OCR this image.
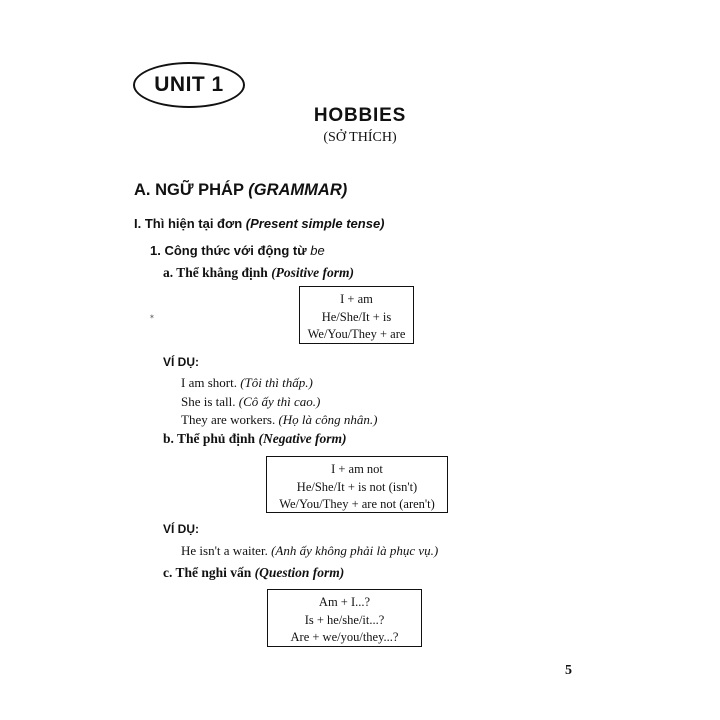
UNIT 1
HOBBIES
(SỞ THÍCH)
A. NGỮ PHÁP (GRAMMAR)
I. Thì hiện tại đơn (Present simple tense)
1. Công thức với động từ be
a. Thể khẳng định (Positive form)
✶
I + am
He/She/It + is
We/You/They + are
VÍ DỤ:
I am short. (Tôi thì thấp.)
She is tall. (Cô ấy thì cao.)
They are workers. (Họ là công nhân.)
b. Thể phủ định (Negative form)
I + am not
He/She/It + is not (isn't)
We/You/They + are not (aren't)
VÍ DỤ:
He isn't a waiter. (Anh ấy không phải là phục vụ.)
c. Thể nghi vấn (Question form)
Am + I...?
Is + he/she/it...?
Are + we/you/they...?
5
